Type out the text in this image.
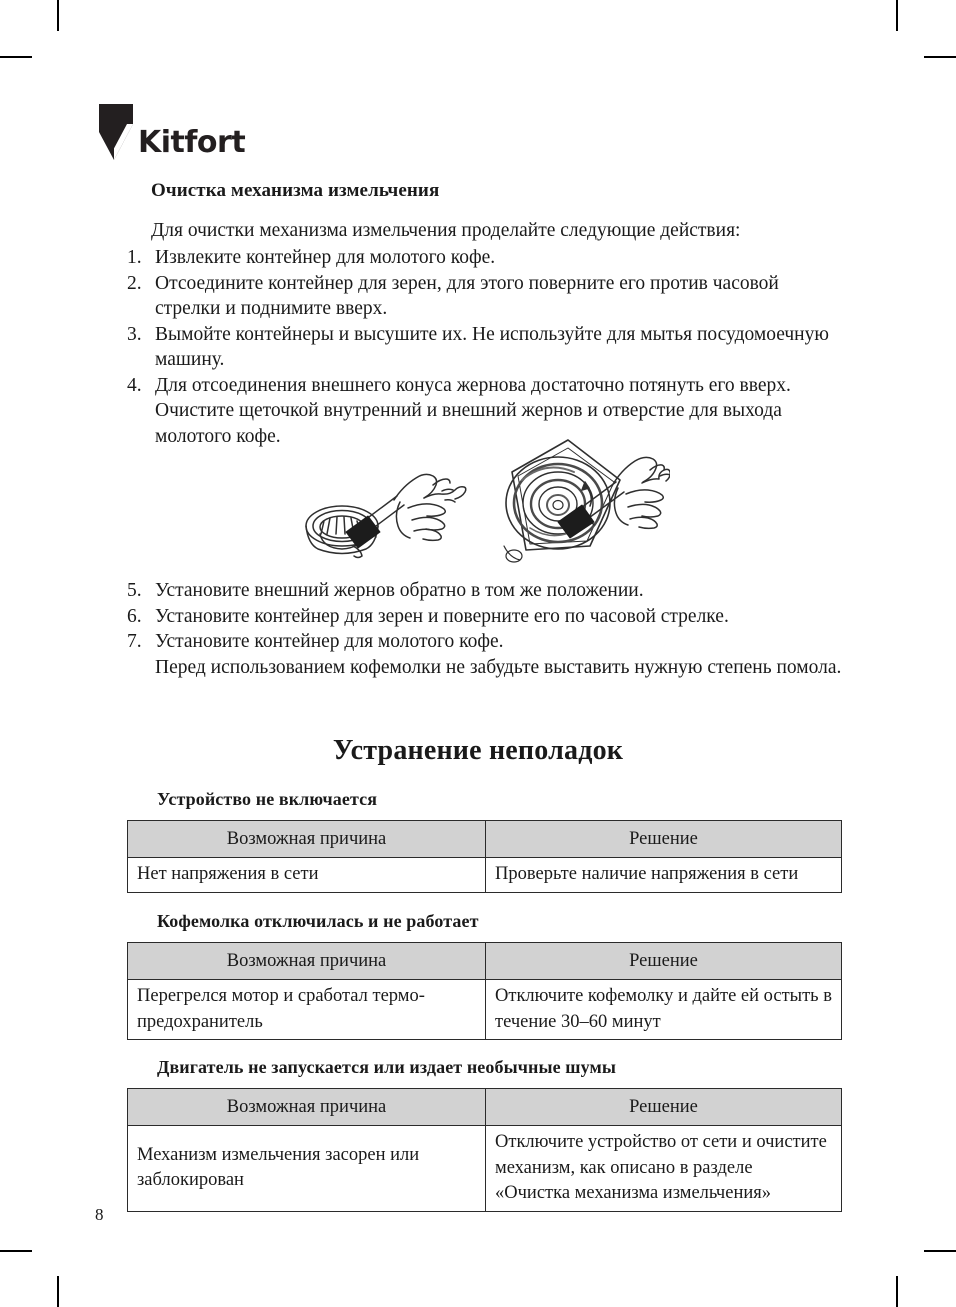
Kitfort
Очистка механизма измельчения
Для очистки механизма измельчения проделайте следующие действия:
1. Извлеките контейнер для молотого кофе.
2. Отсоедините контейнер для зерен, для этого поверните его против часовой стрелки и поднимите вверх.
3. Вымойте контейнеры и высушите их. Не используйте для мытья посудомоечную машину.
4. Для отсоединения внешнего конуса жернова достаточно потянуть его вверх. Очистите щеточкой внутренний и внешний жернов и отверстие для выхода молотого кофе.
5. Установите внешний жернов обратно в том же положении.
6. Установите контейнер для зерен и поверните его по часовой стрелке.
7. Установите контейнер для молотого кофе.
Перед использованием кофемолки не забудьте выставить нужную степень помола.
Устранение неполадок
Устройство не включается
Возможная причина	Решение
Нет напряжения в сети	Проверьте наличие напряжения в сети
Кофемолка отключилась и не работает
Возможная причина	Решение
Перегрелся мотор и сработал термо-предохранитель	Отключите кофемолку и дайте ей остыть в течение 30–60 минут
Двигатель не запускается или издает необычные шумы
Возможная причина	Решение
Механизм измельчения засорен или заблокирован	Отключите устройство от сети и очистите механизм, как описано в разделе «Очистка механизма измельчения»
8
